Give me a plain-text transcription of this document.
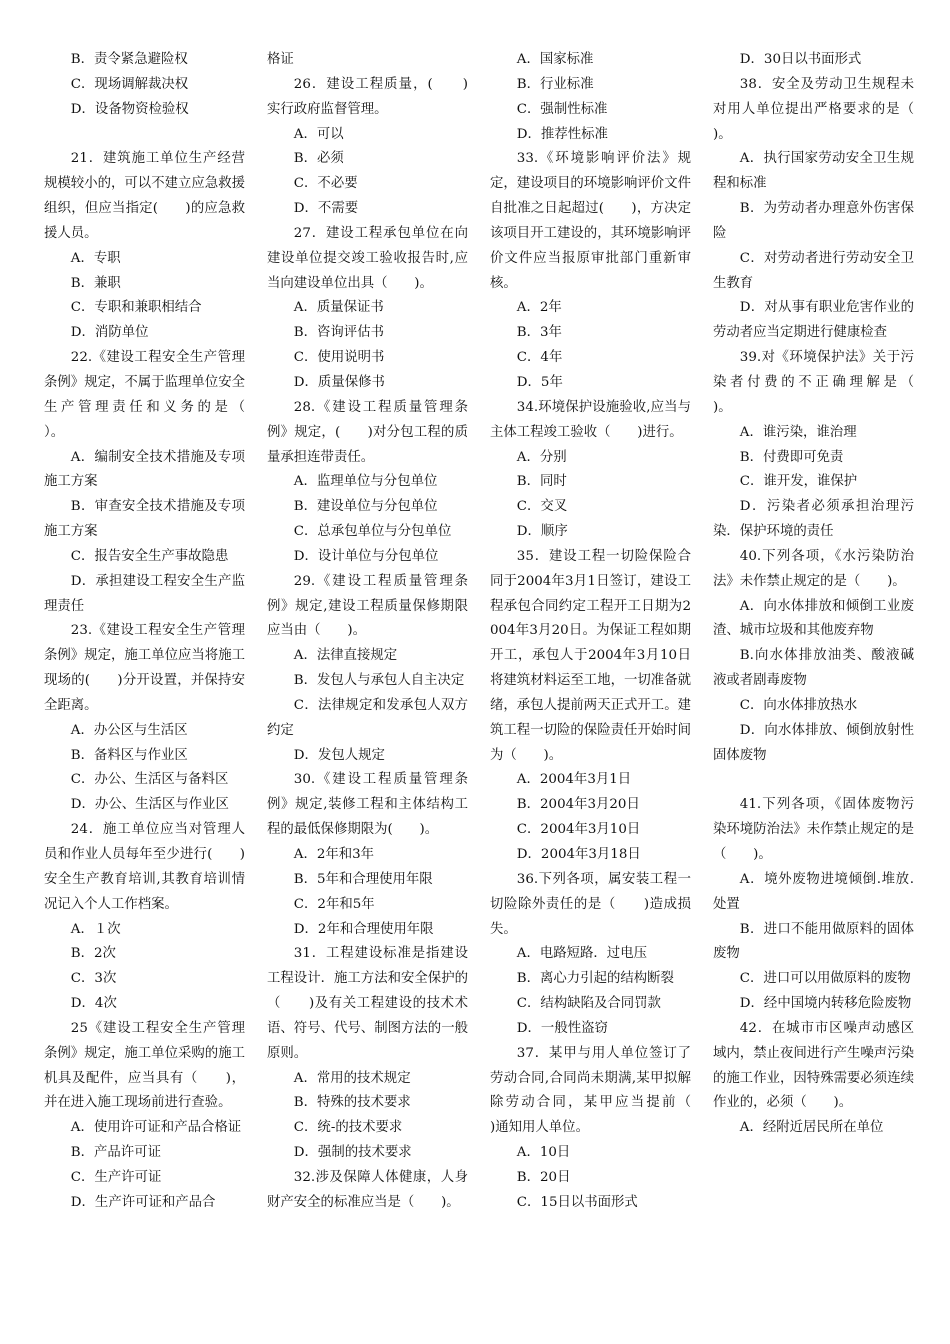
B．责令紧急避险权

C．现场调解裁决权

D．设备物资检验权

21．建筑施工单位生产经营规模较小的，可以不建立应急救援组织，但应当指定(　　)的应急救援人员。

A．专职

B．兼职

C．专职和兼职相结合

D．消防单位

22.《建设工程安全生产管理条例》规定，不属于监理单位安全生产管理责任和义务的是（　　）。

A．编制安全技术措施及专项施工方案

B．审查安全技术措施及专项施工方案

C．报告安全生产事故隐患

D．承担建设工程安全生产监理责任

23.《建设工程安全生产管理条例》规定，施工单位应当将施工现场的(　　)分开设置，并保持安全距离。

A．办公区与生活区

B．备料区与作业区

C．办公、生活区与备料区

D．办公、生活区与作业区

24．施工单位应当对管理人员和作业人员每年至少进行(　　)安全生产教育培训,其教育培训情况记入个人工作档案。

A．１次

B．2次

C．3次

D．4次

25《建设工程安全生产管理条例》规定，施工单位采购的施工机具及配件，应当具有（　　)，并在进入施工现场前进行查验。

A．使用许可证和产品合格证

B．产品许可证

C．生产许可证

D．生产许可证和产品合

格证

26．建设工程质量，(　　)实行政府监督管理。

A．可以

B．必须

C．不必要

D．不需要

27．建设工程承包单位在向建设单位提交竣工验收报告时,应当向建设单位出具（　　)。

A．质量保证书

B．咨询评估书

C．使用说明书

D．质量保修书

28.《建设工程质量管理条例》规定，(　　)对分包工程的质量承担连带责任。

A．监理单位与分包单位

B．建设单位与分包单位

C．总承包单位与分包单位

D．设计单位与分包单位

29.《建设工程质量管理条例》规定,建设工程质量保修期限应当由（　　)。

A．法律直接规定

B．发包人与承包人自主决定

C．法律规定和发承包人双方约定

D．发包人规定

30.《建设工程质量管理条例》规定,装修工程和主体结构工程的最低保修期限为(　　)。

A．2年和3年

B．5年和合理使用年限

C．2年和5年

D．2年和合理使用年限

31．工程建设标准是指建设工程设计．施工方法和安全保护的（　　)及有关工程建设的技术术语、符号、代号、制图方法的一般原则。

A．常用的技术规定

B．特殊的技术要求

C．统-的技术要求

D．强制的技术要求

32.涉及保障人体健康，人身财产安全的标准应当是（　　)。

A．国家标准

B．行业标准

C．强制性标准

D．推荐性标准

33.《环境影响评价法》规定，建设项目的环境影响评价文件自批准之日起超过(　　)，方决定该项目开工建设的，其环境影响评价文件应当报原审批部门重新审核。

A．2年

B．3年

C．4年

D．5年

34.环境保护设施验收,应当与主体工程竣工验收（　　)进行。

A．分别

B．同时

C．交叉

D．顺序

35．建设工程一切险保险合同于2004年3月1日签订，建设工程承包合同约定工程开工日期为2004年3月20日。为保证工程如期开工，承包人于2004年3月10日将建筑材料运至工地，一切准备就绪，承包人提前两天正式开工。建筑工程一切险的保险责任开始时间为（　　)。

A．2004年3月1日

B．2004年3月20日

C．2004年3月10日

D．2004年3月18日

36.下列各项，属安装工程一切险除外责任的是（　　)造成损失。

A．电路短路．过电压

B．离心力引起的结构断裂

C．结构缺陷及合同罚款

D．一般性盗窃

37．某甲与用人单位签订了劳动合同,合同尚未期满,某甲拟解除劳动合同，某甲应当提前（　　)通知用人单位。

A．10日

B．20日

C．15日以书面形式

D．30日以书面形式

38．安全及劳动卫生规程未对用人单位提出严格要求的是（　　)。

A．执行国家劳动安全卫生规程和标准

B．为劳动者办理意外伤害保险

C．对劳动者进行劳动安全卫生教育

D．对从事有职业危害作业的劳动者应当定期进行健康检查

39.对《环境保护法》关于污染者付费的不正确理解是（　　)。

A．谁污染，谁治理

B．付费即可免责

C．谁开发，谁保护

D．污染者必须承担治理污染．保护环境的责任

40.下列各项，《水污染防治法》未作禁止规定的是（　　)。

A．向水体排放和倾倒工业废渣、城市垃圾和其他废弃物

B.向水体排放油类、酸液碱液或者剧毒废物

C．向水体排放热水

D．向水体排放、倾倒放射性固体废物

41.下列各项，《固体废物污染环境防治法》未作禁止规定的是（　　)。

A．境外废物进境倾倒.堆放.处置

B．进口不能用做原料的固体废物

C．进口可以用做原料的废物

D．经中国境内转移危险废物

42．在城市市区噪声动感区域内，禁止夜间进行产生噪声污染的施工作业，因特殊需要必须连续作业的，必须（　　)。

A．经附近居民所在单位
